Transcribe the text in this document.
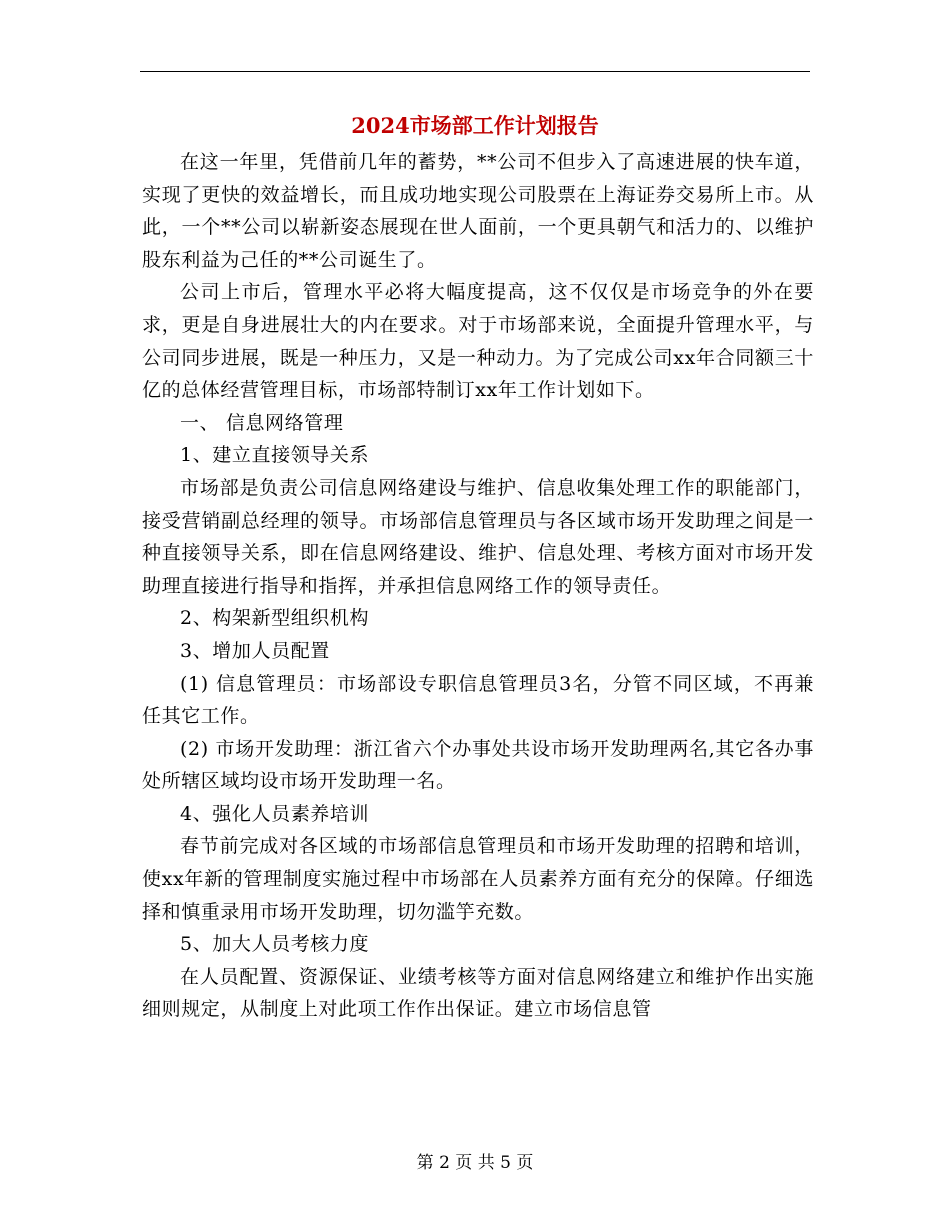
2024市场部工作计划报告

在这一年里，凭借前几年的蓄势，**公司不但步入了高速进展的快车道，实现了更快的效益增长，而且成功地实现公司股票在上海证券交易所上市。从此，一个**公司以崭新姿态展现在世人面前，一个更具朝气和活力的、以维护股东利益为己任的**公司诞生了。

公司上市后，管理水平必将大幅度提高，这不仅仅是市场竞争的外在要求，更是自身进展壮大的内在要求。对于市场部来说，全面提升管理水平，与公司同步进展，既是一种压力，又是一种动力。为了完成公司xx年合同额三十亿的总体经营管理目标，市场部特制订xx年工作计划如下。

一、 信息网络管理

1、建立直接领导关系

市场部是负责公司信息网络建设与维护、信息收集处理工作的职能部门，接受营销副总经理的领导。市场部信息管理员与各区域市场开发助理之间是一种直接领导关系，即在信息网络建设、维护、信息处理、考核方面对市场开发助理直接进行指导和指挥，并承担信息网络工作的领导责任。

2、构架新型组织机构

3、增加人员配置

(1) 信息管理员：市场部设专职信息管理员3名，分管不同区域，不再兼任其它工作。

(2) 市场开发助理：浙江省六个办事处共设市场开发助理两名,其它各办事处所辖区域均设市场开发助理一名。

4、强化人员素养培训

春节前完成对各区域的市场部信息管理员和市场开发助理的招聘和培训，使xx年新的管理制度实施过程中市场部在人员素养方面有充分的保障。仔细选择和慎重录用市场开发助理，切勿滥竽充数。

5、加大人员考核力度

在人员配置、资源保证、业绩考核等方面对信息网络建立和维护作出实施细则规定，从制度上对此项工作作出保证。建立市场信息管

第 2 页 共 5 页
